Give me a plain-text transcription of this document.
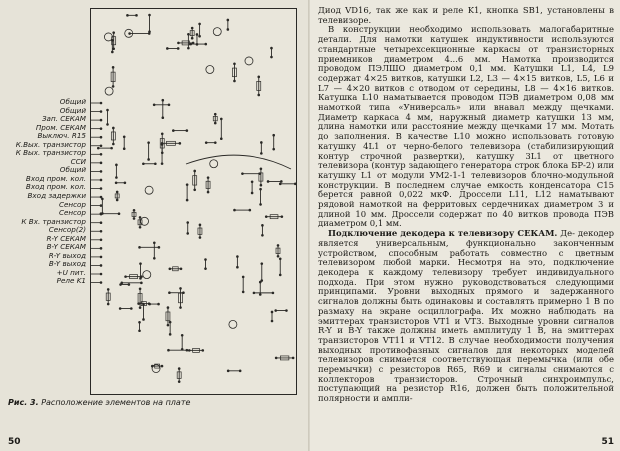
Общий
Общий
Зап. СЕКАМ
Пром. СЕКАМ
Выключ. R15
К.Вых. транзистор
К Вых. транзистор
ССИ
Общий
Вход пром. кол.
Вход пром. кол.
Вход задержки
Сенсор
Сенсор
К Вх. транзистор
Сенсор(2)
R-Y СЕКАМ
B-Y СЕКАМ
R-Y выход
B-Y выход
+U пит.
Реле K1
Рис. 3. Расположение элементов на плате
50

Диод VD16, так же как и реле K1, кнопка SB1, установлены в телевизоре.

В конструкции необходимо использовать малогабаритные детали. Для намотки катушек индуктивности используются стандартные четырехсекционные каркасы от транзисторных приемников диаметром 4...6 мм. Намотка производится проводом ПЭЛШО диаметром 0,1 мм. Катушки L1, L4, L9 содержат 4×25 витков, катушки L2, L3 — 4×15 витков, L5, L6 и L7 — 4×20 витков с отводом от середины, L8 — 4×16 витков. Катушка L10 наматывается проводом ПЭВ диаметром 0,08 мм намоткой типа «Универсаль» или внавал между щечками. Диаметр каркаса 4 мм, наружный диаметр катушки 13 мм, длина намотки или расстояние между щечками 17 мм. Мотать до заполнения. В качестве L10 можно использовать готовую катушку 4L1 от черно-белого телевизора (стабилизирующий контур строчной развертки), катушку 3L1 от цветного телевизора (контур задающего генератора строк блока БР-2) или катушку L1 от модули УМ2-1-1 телевизоров блочно-модульной конструкции. В последнем случае емкость конденсатора C15 берется равной 0,022 мкФ. Дроссели L11, L12 наматывают рядовой намоткой на ферритовых сердечниках диаметром 3 и длиной 10 мм. Дроссели содержат по 40 витков провода ПЭВ диаметром 0,1 мм.

Подключение декодера к телевизору СЕКАМ. Де- декодер является универсальным, функционально законченным устройством, способным работать совместно с цветным телевизором любой марки. Несмотря на это, подключение декодера к каждому телевизору требует индивидуального подхода. При этом нужно руководствоваться следующими принципами. Уровни выходных прямого и задержанного сигналов должны быть одинаковы и составлять примерно 1 В по размаху на экране осциллографа. Их можно наблюдать на эмиттерах транзисторов VT1 и VT3. Выходные уровни сигналов R-Y и B-Y также должны иметь амплитуду 1 В, на эмиттерах транзисторов VT11 и VT12. В случае необходимости получения выходных противофазных сигналов для некоторых моделей телевизоров снимается соответствующая перемычка (или обе перемычки) с резисторов R65, R69 и сигналы снимаются с коллекторов транзисторов. Строчный синхроимпульс, поступающий на резистор R16, должен быть положительной полярности и ампли-

51
